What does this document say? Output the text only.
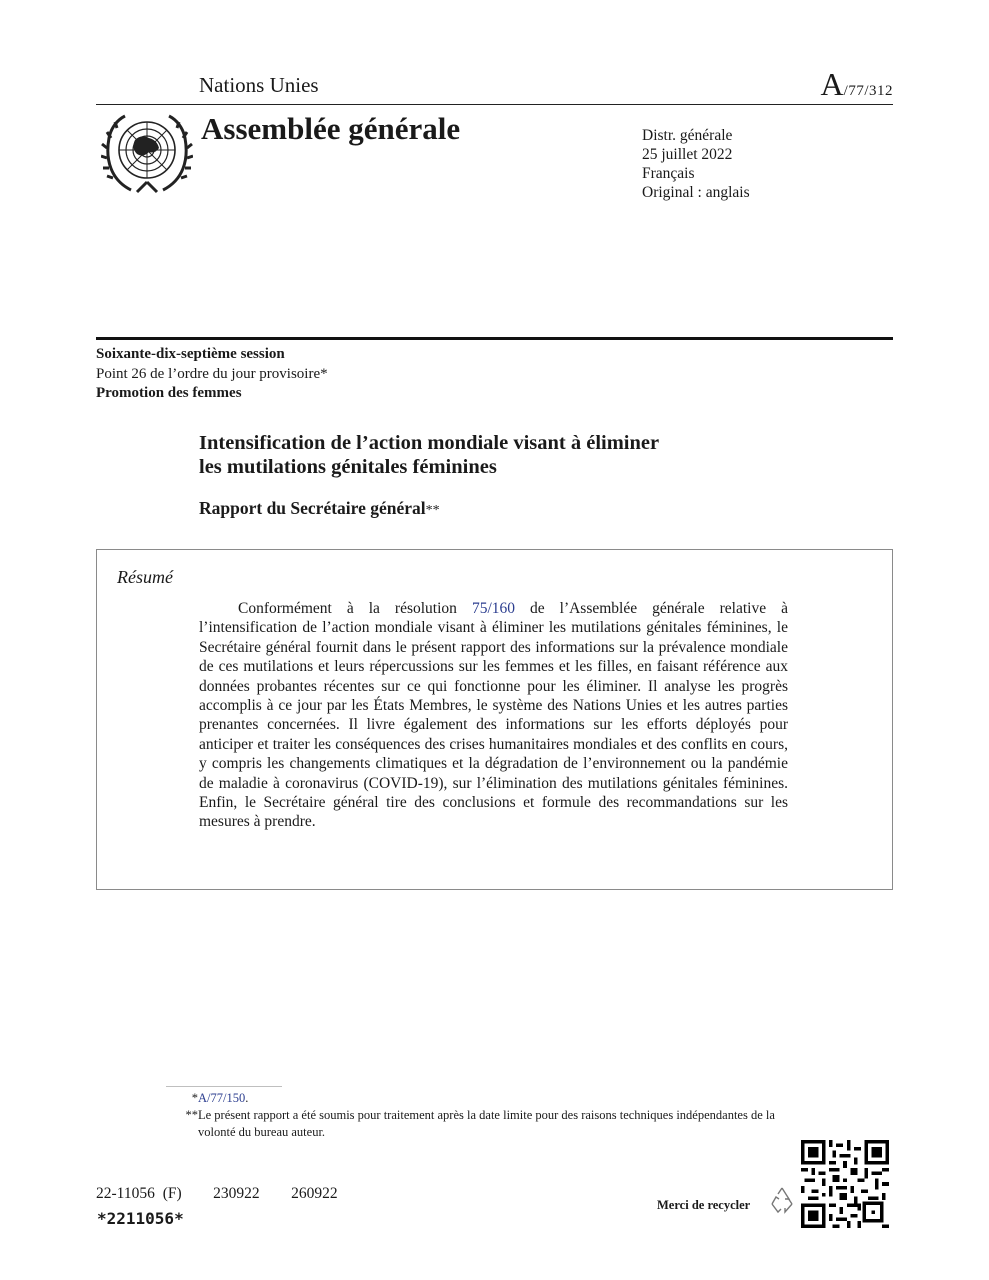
Nations Unies	A/77/312
Assemblée générale	Distr. générale
25 juillet 2022
Français
Original : anglais
Soixante-dix-septième session
Point 26 de l’ordre du jour provisoire*
Promotion des femmes
Intensification de l’action mondiale visant à éliminer
les mutilations génitales féminines
Rapport du Secrétaire général**
Résumé
Conformément à la résolution 75/160 de l’Assemblée générale relative à l’intensification de l’action mondiale visant à éliminer les mutilations génitales féminines, le Secrétaire général fournit dans le présent rapport des informations sur la prévalence mondiale de ces mutilations et leurs répercussions sur les femmes et les filles, en faisant référence aux données probantes récentes sur ce qui fonctionne pour les éliminer. Il analyse les progrès accomplis à ce jour par les États Membres, le système des Nations Unies et les autres parties prenantes concernées. Il livre également des informations sur les efforts déployés pour anticiper et traiter les conséquences des crises humanitaires mondiales et des conflits en cours, y compris les changements climatiques et la dégradation de l’environnement ou la pandémie de maladie à coronavirus (COVID-19), sur l’élimination des mutilations génitales féminines. Enfin, le Secrétaire général tire des conclusions et formule des recommandations sur les mesures à prendre.
* A/77/150.
** Le présent rapport a été soumis pour traitement après la date limite pour des raisons techniques indépendantes de la volonté du bureau auteur.
22-11056 (F)    230922    260922
*2211056*
Merci de recycler
